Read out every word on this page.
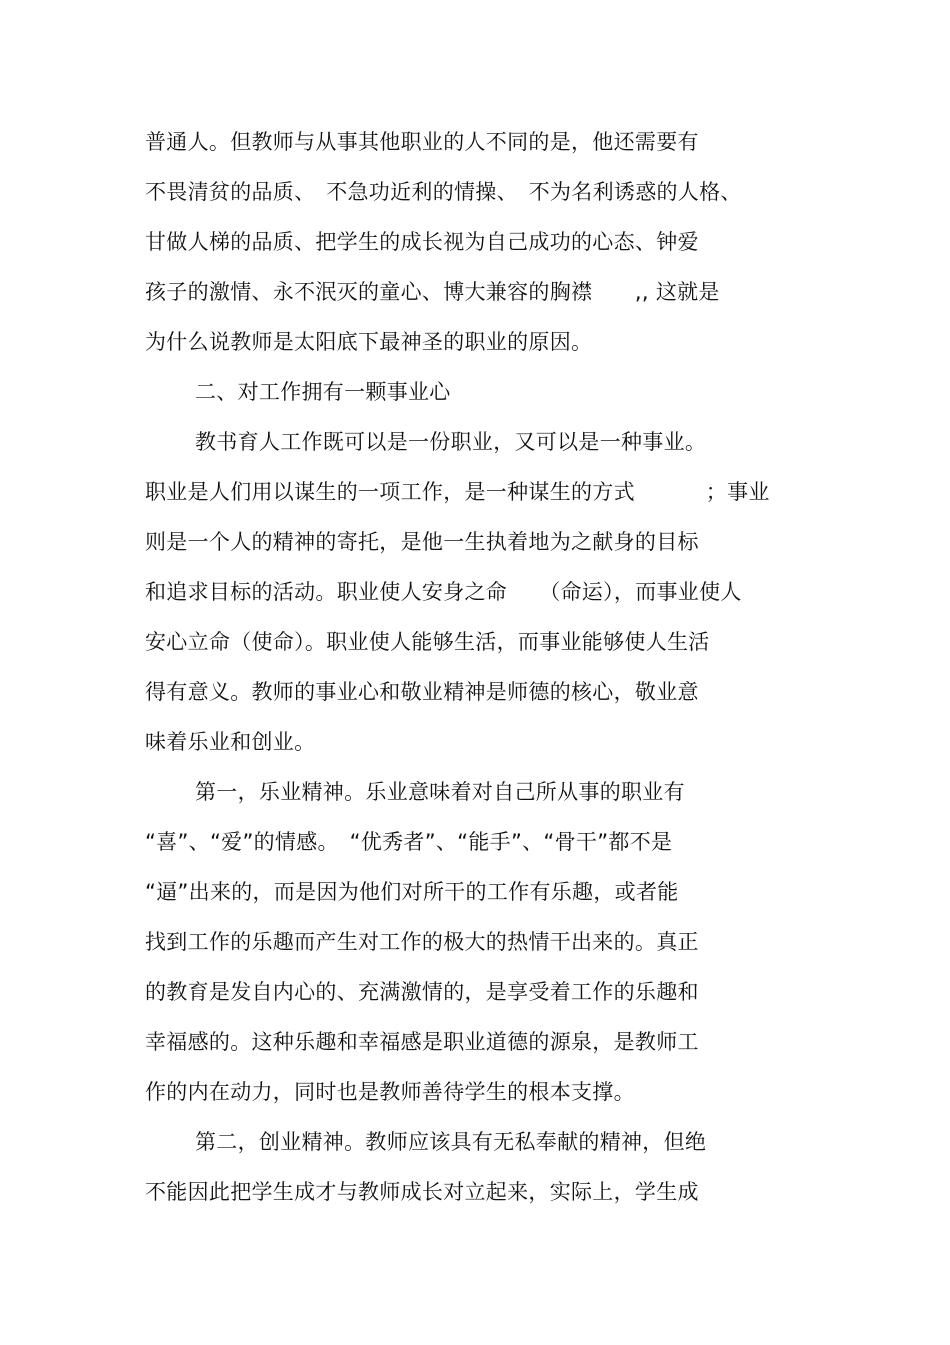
普通人。但教师与从事其他职业的人不同的是，他还需要有
不畏清贫的品质、　不急功近利的情操、　不为名利诱惑的人格、
甘做人梯的品质、把学生的成长视为自己成功的心态、钟爱
孩子的激情、永不泯灭的童心、博大兼容的胸襟　　,, 这就是
为什么说教师是太阳底下最神圣的职业的原因。
二、对工作拥有一颗事业心
教书育人工作既可以是一份职业，又可以是一种事业。
职业是人们用以谋生的一项工作，是一种谋生的方式　　　 ；事业
则是一个人的精神的寄托，是他一生执着地为之献身的目标
和追求目标的活动。职业使人安身之命　　（命运），而事业使人
安心立命（使命）。职业使人能够生活，而事业能够使人生活
得有意义。教师的事业心和敬业精神是师德的核心，敬业意
味着乐业和创业。
第一，乐业精神。乐业意味着对自己所从事的职业有
“喜”、“爱”的情感。　“优秀者”、“能手”、“骨干”都不是
“逼”出来的，而是因为他们对所干的工作有乐趣，或者能
找到工作的乐趣而产生对工作的极大的热情干出来的。真正
的教育是发自内心的、充满激情的，是享受着工作的乐趣和
幸福感的。这种乐趣和幸福感是职业道德的源泉，是教师工
作的内在动力，同时也是教师善待学生的根本支撑。
第二，创业精神。教师应该具有无私奉献的精神，但绝
不能因此把学生成才与教师成长对立起来，实际上，学生成
